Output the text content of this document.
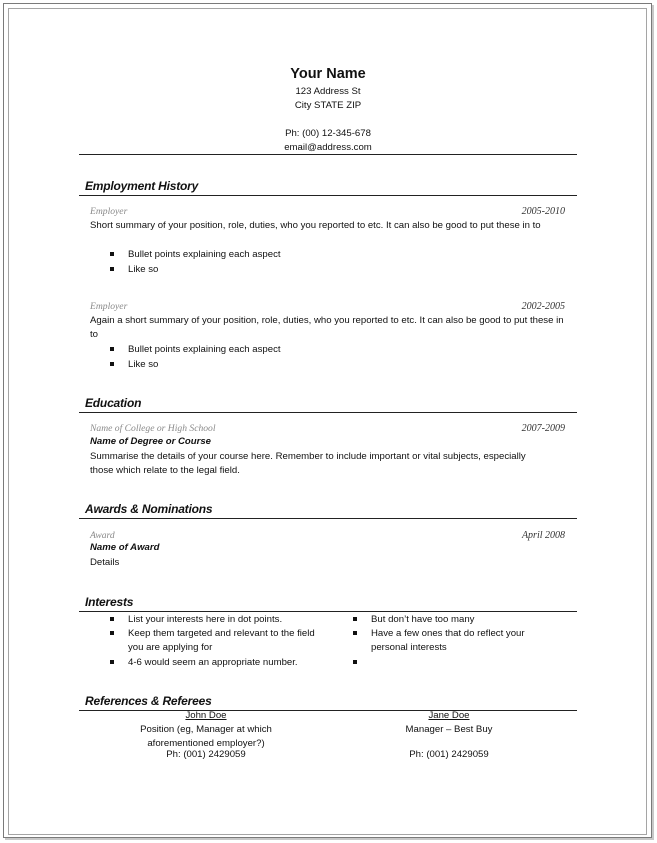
Your Name
123 Address St
City STATE ZIP
Ph: (00) 12-345-678
email@address.com
Employment History
Employer	2005-2010
Short summary of your position, role, duties, who you reported to etc. It can also be good to put these in to
Bullet points explaining each aspect
Like so
Employer	2002-2005
Again a short summary of your position, role, duties, who you reported to etc. It can also be good to put these in to
Bullet points explaining each aspect
Like so
Education
Name of College or High School	2007-2009
Name of Degree or Course
Summarise the details of your course here. Remember to include important or vital subjects, especially those which relate to the legal field.
Awards & Nominations
Award	April 2008
Name of Award
Details
Interests
List your interests here in dot points.
Keep them targeted and relevant to the field you are applying for
4-6 would seem an appropriate number.
But don’t have too many
Have a few ones that do reflect your personal interests
References & Referees
John Doe
Position (eg, Manager at which aforementioned employer?)
Ph: (001) 2429059
Jane Doe
Manager – Best Buy
Ph: (001) 2429059
